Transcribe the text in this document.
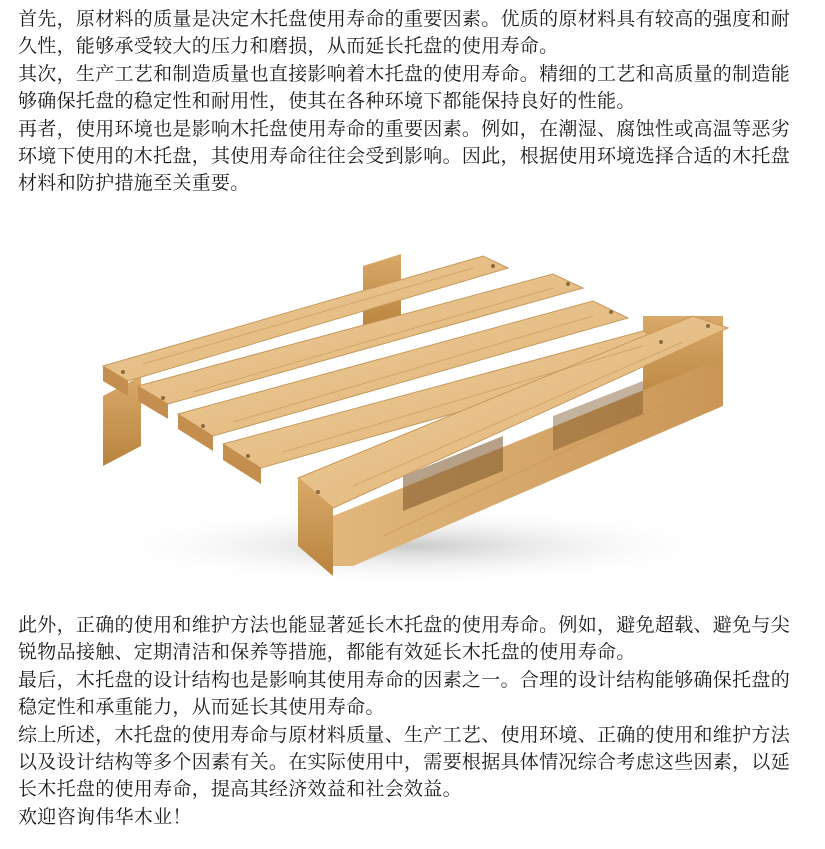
首先，原材料的质量是决定木托盘使用寿命的重要因素。优质的原材料具有较高的强度和耐久性，能够承受较大的压力和磨损，从而延长托盘的使用寿命。

其次，生产工艺和制造质量也直接影响着木托盘的使用寿命。精细的工艺和高质量的制造能够确保托盘的稳定性和耐用性，使其在各种环境下都能保持良好的性能。

再者，使用环境也是影响木托盘使用寿命的重要因素。例如，在潮湿、腐蚀性或高温等恶劣环境下使用的木托盘，其使用寿命往往会受到影响。因此，根据使用环境选择合适的木托盘材料和防护措施至关重要。

此外，正确的使用和维护方法也能显著延长木托盘的使用寿命。例如，避免超载、避免与尖锐物品接触、定期清洁和保养等措施，都能有效延长木托盘的使用寿命。

最后，木托盘的设计结构也是影响其使用寿命的因素之一。合理的设计结构能够确保托盘的稳定性和承重能力，从而延长其使用寿命。

综上所述，木托盘的使用寿命与原材料质量、生产工艺、使用环境、正确的使用和维护方法以及设计结构等多个因素有关。在实际使用中，需要根据具体情况综合考虑这些因素，以延长木托盘的使用寿命，提高其经济效益和社会效益。

欢迎咨询伟华木业！
